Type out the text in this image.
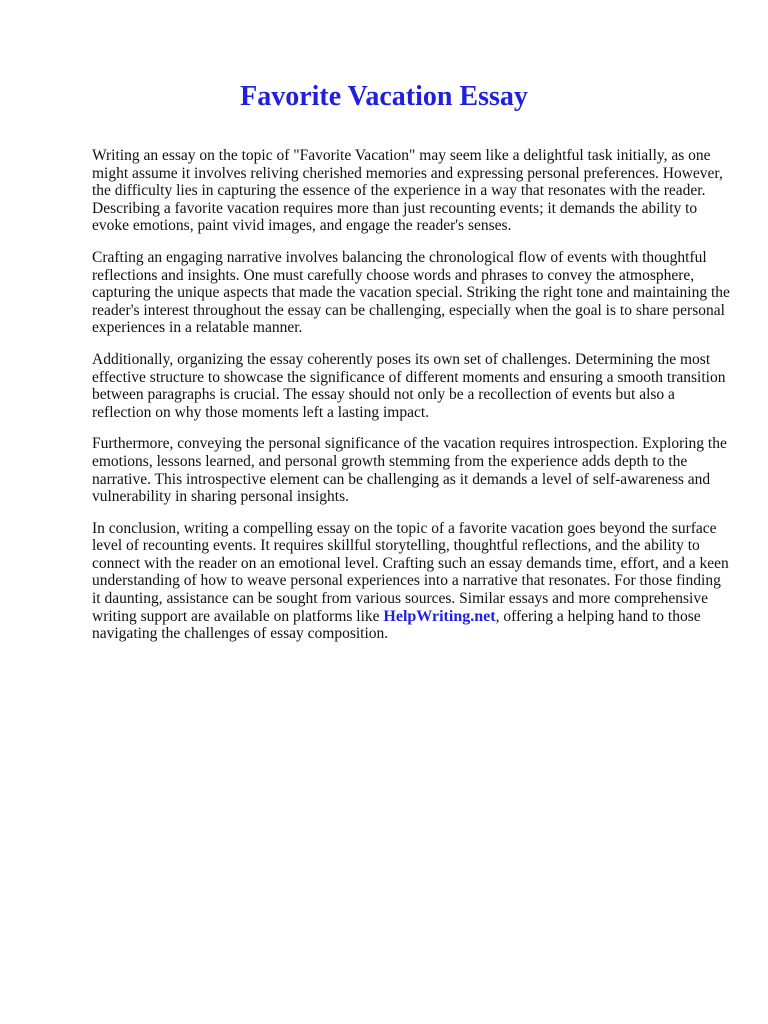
Favorite Vacation Essay

Writing an essay on the topic of "Favorite Vacation" may seem like a delightful task initially, as one might assume it involves reliving cherished memories and expressing personal preferences. However, the difficulty lies in capturing the essence of the experience in a way that resonates with the reader. Describing a favorite vacation requires more than just recounting events; it demands the ability to evoke emotions, paint vivid images, and engage the reader's senses.

Crafting an engaging narrative involves balancing the chronological flow of events with thoughtful reflections and insights. One must carefully choose words and phrases to convey the atmosphere, capturing the unique aspects that made the vacation special. Striking the right tone and maintaining the reader's interest throughout the essay can be challenging, especially when the goal is to share personal experiences in a relatable manner.

Additionally, organizing the essay coherently poses its own set of challenges. Determining the most effective structure to showcase the significance of different moments and ensuring a smooth transition between paragraphs is crucial. The essay should not only be a recollection of events but also a reflection on why those moments left a lasting impact.

Furthermore, conveying the personal significance of the vacation requires introspection. Exploring the emotions, lessons learned, and personal growth stemming from the experience adds depth to the narrative. This introspective element can be challenging as it demands a level of self-awareness and vulnerability in sharing personal insights.

In conclusion, writing a compelling essay on the topic of a favorite vacation goes beyond the surface level of recounting events. It requires skillful storytelling, thoughtful reflections, and the ability to connect with the reader on an emotional level. Crafting such an essay demands time, effort, and a keen understanding of how to weave personal experiences into a narrative that resonates. For those finding it daunting, assistance can be sought from various sources. Similar essays and more comprehensive writing support are available on platforms like HelpWriting.net, offering a helping hand to those navigating the challenges of essay composition.
